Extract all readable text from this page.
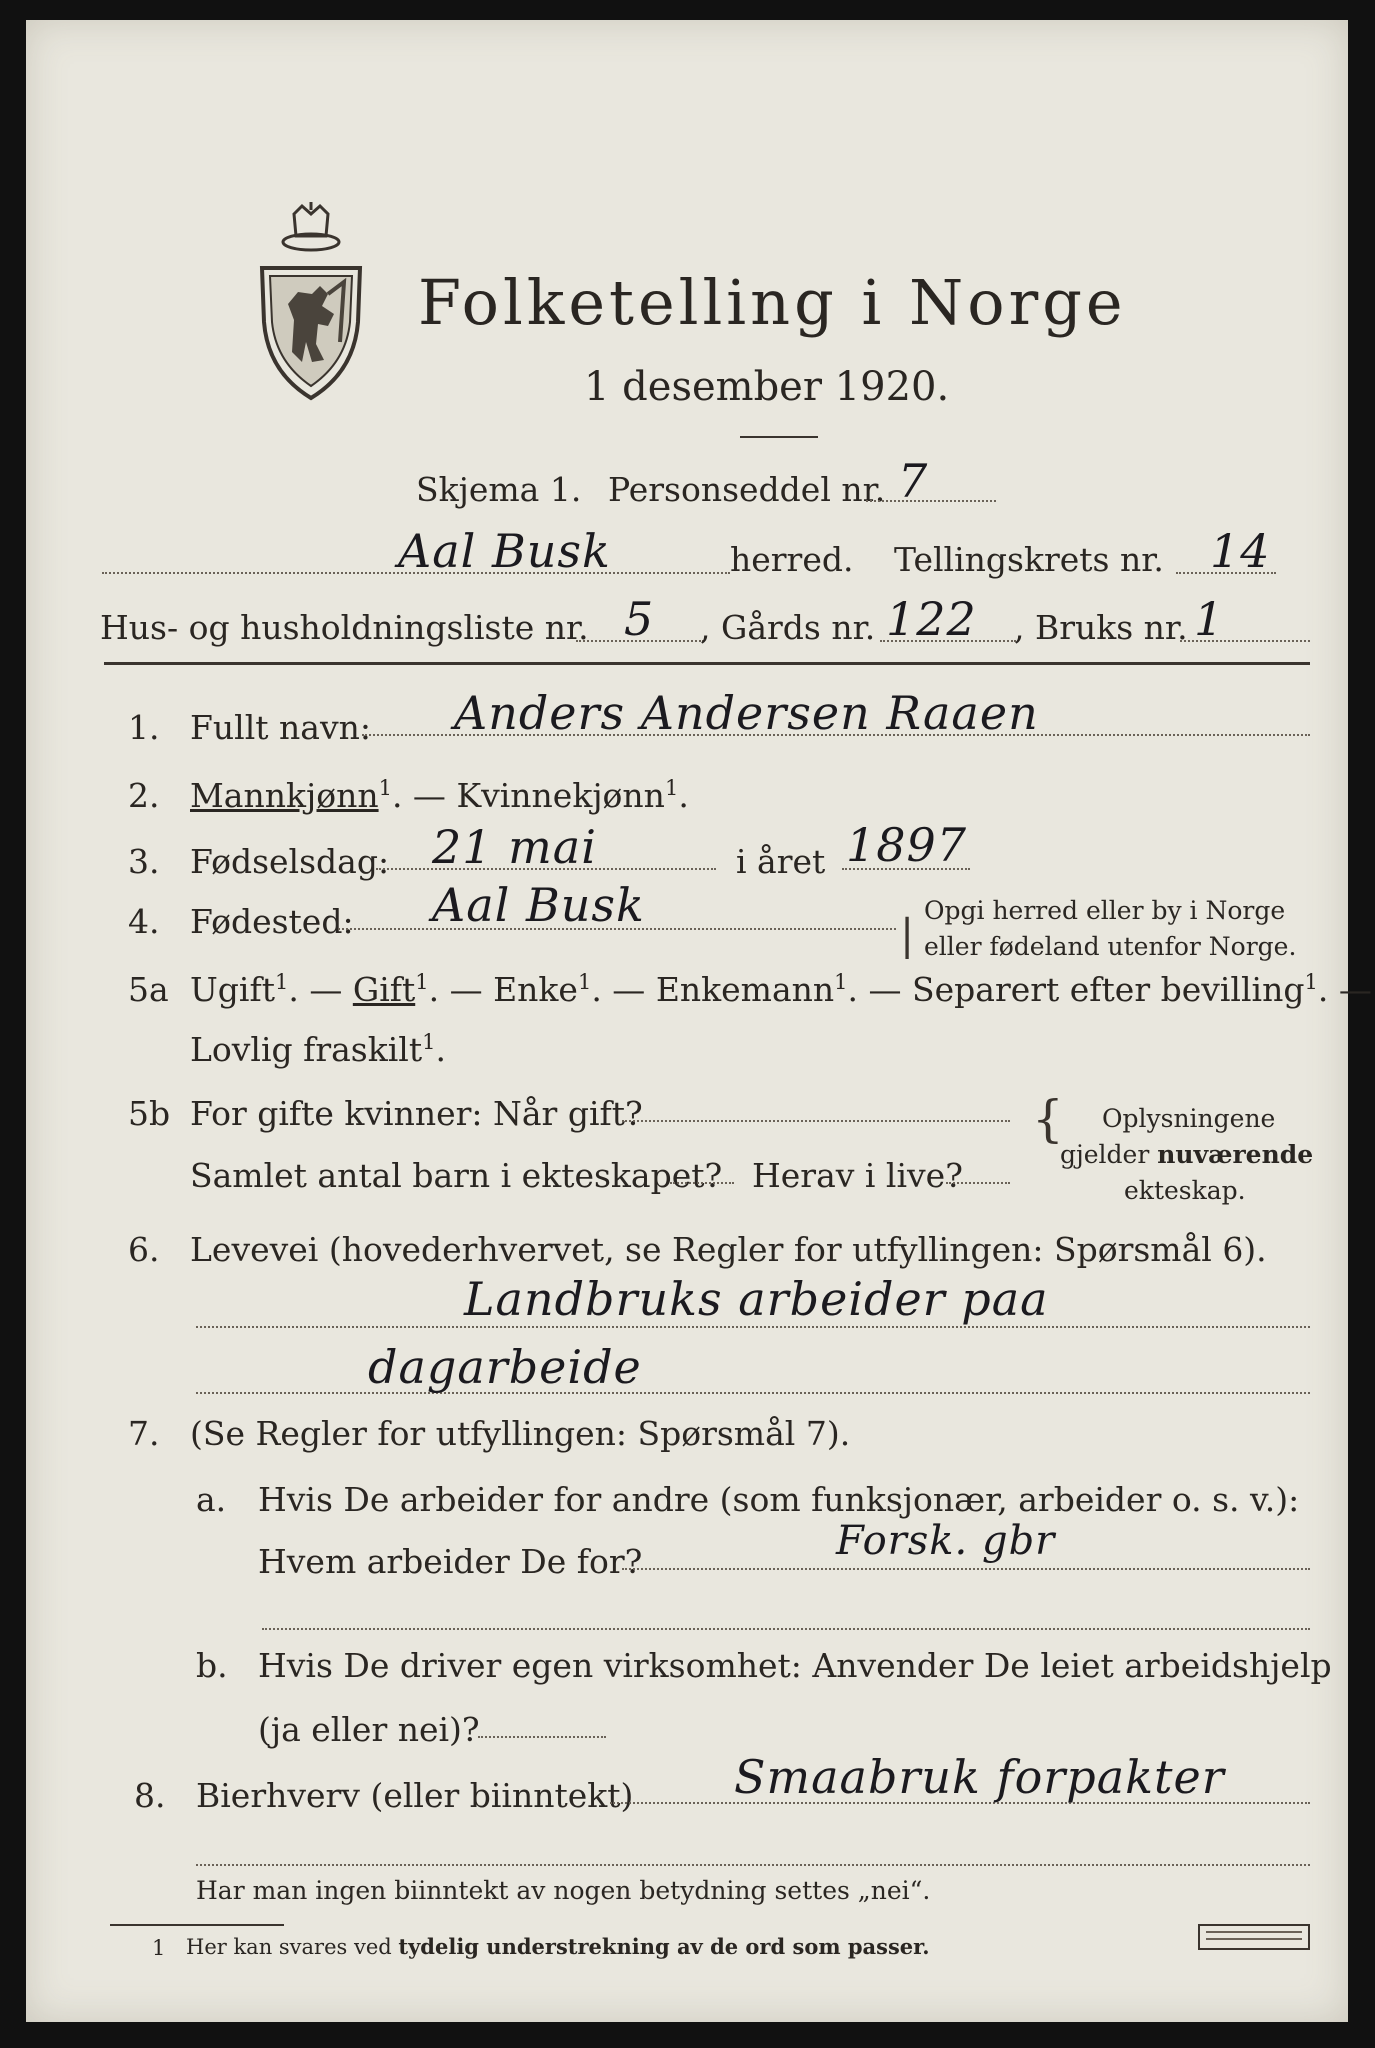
Folketelling i Norge
1 desember 1920.
Skjema 1. Personseddel nr. 7
Aal Busk	herred. Tellingskrets nr. 14
Hus- og husholdningsliste nr. 5 , Gårds nr. 122 , Bruks nr. 1
1. Fullt navn: Anders Andersen Raaen
2. Mannkjønn$^1$. — Kvinnekjønn$^1$.
3. Fødselsdag: 21 mai	i året 1897
4. Fødested: Aal Busk
| Opgi herred eller by i Norge
eller fødeland utenfor Norge.
5a Ugift$^1$. — Gift$^1$. — Enke$^1$. — Enkemann$^1$. — Separert efter bevilling$^1$. —
Lovlig fraskilt$^1$.
5b For gifte kvinner: Når gift?
Samlet antal barn i ekteskapet? Herav i live?
{ Oplysningene
gjelder nuværende
ekteskap.
6. Levevei (hovederhvervet, se Regler for utfyllingen: Spørsmål 6).
Landbruks arbeider paa
dagarbeide
7. (Se Regler for utfyllingen: Spørsmål 7).
a. Hvis De arbeider for andre (som funksjonær, arbeider o. s. v.):
Hvem arbeider De for?	Forsk. gbr
b. Hvis De driver egen virksomhet: Anvender De leiet arbeidshjelp
(ja eller nei)?
8. Bierhverv (eller biinntekt) Smaabruk forpakter
Har man ingen biinntekt av nogen betydning settes „nei“.
1 Her kan svares ved tydelig understrekning av de ord som passer.
